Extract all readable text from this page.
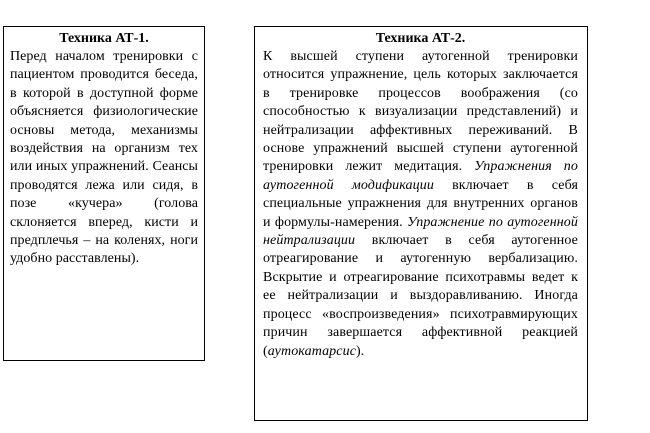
Техника АТ-1.

Перед началом тренировки с пациентом проводится беседа, в которой в доступной форме объясняется физиологические основы метода, механизмы воздействия на организм тех или иных упражнений. Сеансы проводятся лежа или сидя, в позе «кучера» (голова склоняется вперед, кисти и предплечья – на коленях, ноги удобно расставлены).

Техника АТ-2.

К высшей ступени аутогенной тренировки относится упражнение, цель которых заключается в тренировке процессов воображения (со способностью к визуализации представлений) и нейтрализации аффективных переживаний. В основе упражнений высшей ступени аутогенной тренировки лежит медитация. Упражнения по аутогенной модификации включает в себя специальные упражнения для внутренних органов и формулы-намерения. Упражнение по аутогенной нейтрализации включает в себя аутогенное отреагирование и аутогенную вербализацию. Вскрытие и отреагирование психотравмы ведет к ее нейтрализации и выздоравливанию. Иногда процесс «воспроизведения» психотравмирующих причин завершается аффективной реакцией (аутокатарсис).
